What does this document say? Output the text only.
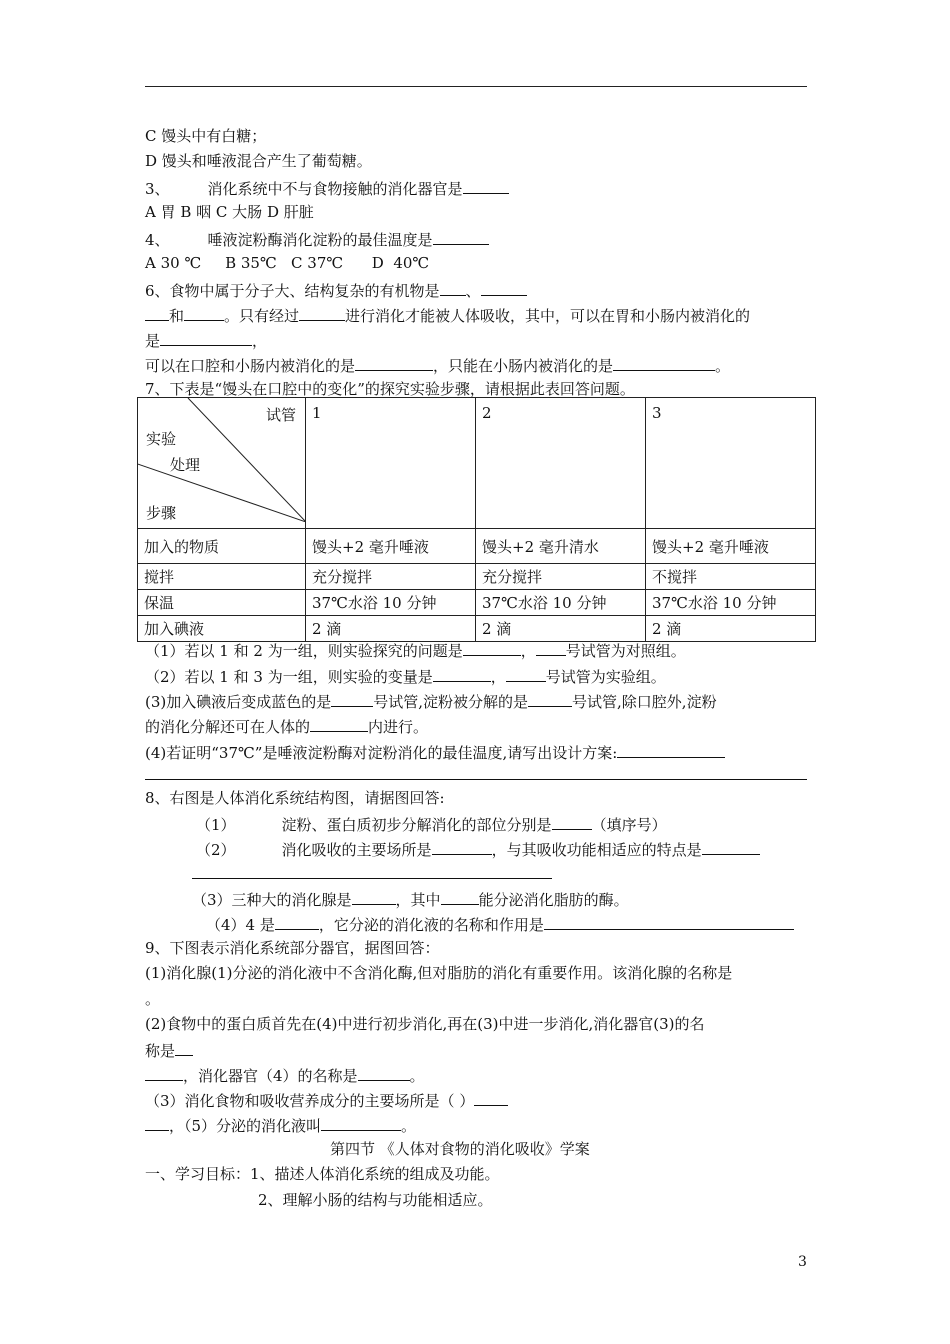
C 馒头中有白糖；
D 馒头和唾液混合产生了葡萄糖。
3、	消化系统中不与食物接触的消化器官是
A 胃 B 咽 C 大肠 D 肝脏
4、	唾液淀粉酶消化淀粉的最佳温度是
A 30 ℃     B 35℃   C 37℃      D  40℃
6、食物中属于分子大、结构复杂的有机物是 、
和	。只有经过	进行消化才能被人体吸收，其中，可以在胃和小肠内被消化的
是	，
可以在口腔和小肠内被消化的是	，只能在小肠内被消化的是	。
7、下表是“馒头在口腔中的变化”的探究实验步骤，请根据此表回答问题。
试管
实验
处理
步骤	1	2	3
加入的物质	馒头+2 毫升唾液	馒头+2 毫升清水	馒头+2 毫升唾液
搅拌	充分搅拌	充分搅拌	不搅拌
保温	37℃水浴 10 分钟	37℃水浴 10 分钟	37℃水浴 10 分钟
加入碘液	2 滴	2 滴	2 滴
（1）若以 1 和 2 为一组，则实验探究的问题是	， 号试管为对照组。
（2）若以 1 和 3 为一组，则实验的变量是	，	号试管为实验组。
(3)加入碘液后变成蓝色的是	号试管,淀粉被分解的是	号试管,除口腔外,淀粉
的消化分解还可在人体的	内进行。
(4)若证明“37℃”是唾液淀粉酶对淀粉消化的最佳温度,请写出设计方案:
8、右图是人体消化系统结构图，请据图回答:
（1）	淀粉、蛋白质初步分解消化的部位分别是	（填序号）
（2）	消化吸收的主要场所是	，与其吸收功能相适应的特点是
（3）三种大的消化腺是	，其中	能分泌消化脂肪的酶。
（4）4 是	，它分泌的消化液的名称和作用是
9、下图表示消化系统部分器官，据图回答：
(1)消化腺(1)分泌的消化液中不含消化酶,但对脂肪的消化有重要作用。该消化腺的名称是
。
(2)食物中的蛋白质首先在(4)中进行初步消化,再在(3)中进一步消化,消化器官(3)的名
称是
，消化器官（4）的名称是	。
（3）消化食物和吸收营养成分的主要场所是（ ）
，（5）分泌的消化液叫	。
第四节 《人体对食物的消化吸收》学案
一、学习目标：1、描述人体消化系统的组成及功能。
2、理解小肠的结构与功能相适应。
3
